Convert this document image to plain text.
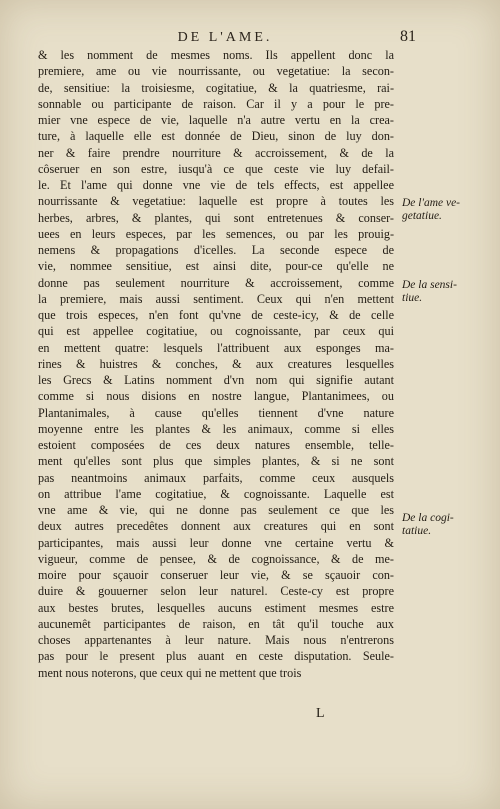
DE L'AME.	81
& les nomment de mesmes noms. Ils appellent donc la
premiere, ame ou vie nourrissante, ou vegetatiue: la secon-
de, sensitiue: la troisiesme, cogitatiue, & la quatriesme, rai-
sonnable ou participante de raison. Car il y a pour le pre-
mier vne espece de vie, laquelle n'a autre vertu en la crea-
ture, à laquelle elle est donnée de Dieu, sinon de luy don-
ner & faire prendre nourriture & accroissement, & de la
côseruer en son estre, iusqu'à ce que ceste vie luy defail-
le. Et l'ame qui donne vne vie de tels effects, est appellee
nourrissante & vegetatiue: laquelle est propre à toutes les
herbes, arbres, & plantes, qui sont entretenues & conser-
uees en leurs especes, par les semences, ou par les prouig-
nemens & propagations d'icelles. La seconde espece de
vie, nommee sensitiue, est ainsi dite, pour-ce qu'elle ne
donne pas seulement nourriture & accroissement, comme
la premiere, mais aussi sentiment. Ceux qui n'en mettent
que trois especes, n'en font qu'vne de ceste-icy, & de celle
qui est appellee cogitatiue, ou cognoissante, par ceux qui
en mettent quatre: lesquels l'attribuent aux esponges ma-
rines & huistres & conches, & aux creatures lesquelles
les Grecs & Latins nomment d'vn nom qui signifie autant
comme si nous disions en nostre langue, Plantanimees, ou
Plantanimales, à cause qu'elles tiennent d'vne nature
moyenne entre les plantes & les animaux, comme si elles
estoient composées de ces deux natures ensemble, telle-
ment qu'elles sont plus que simples plantes, & si ne sont
pas neantmoins animaux parfaits, comme ceux ausquels
on attribue l'ame cogitatiue, & cognoissante. Laquelle est
vne ame & vie, qui ne donne pas seulement ce que les
deux autres precedêtes donnent aux creatures qui en sont
participantes, mais aussi leur donne vne certaine vertu &
vigueur, comme de pensee, & de cognoissance, & de me-
moire pour sçauoir conseruer leur vie, & se sçauoir con-
duire & gouuerner selon leur naturel. Ceste-cy est propre
aux bestes brutes, lesquelles aucuns estiment mesmes estre
aucunemêt participantes de raison, en tât qu'il touche aux
choses appartenantes à leur nature. Mais nous n'entrerons
pas pour le present plus auant en ceste disputation. Seule-
ment nous noterons, que ceux qui ne mettent que trois
De l'ame ve-
getatiue.
De la sensi-
tiue.
De la cogi-
tatiue.
L
